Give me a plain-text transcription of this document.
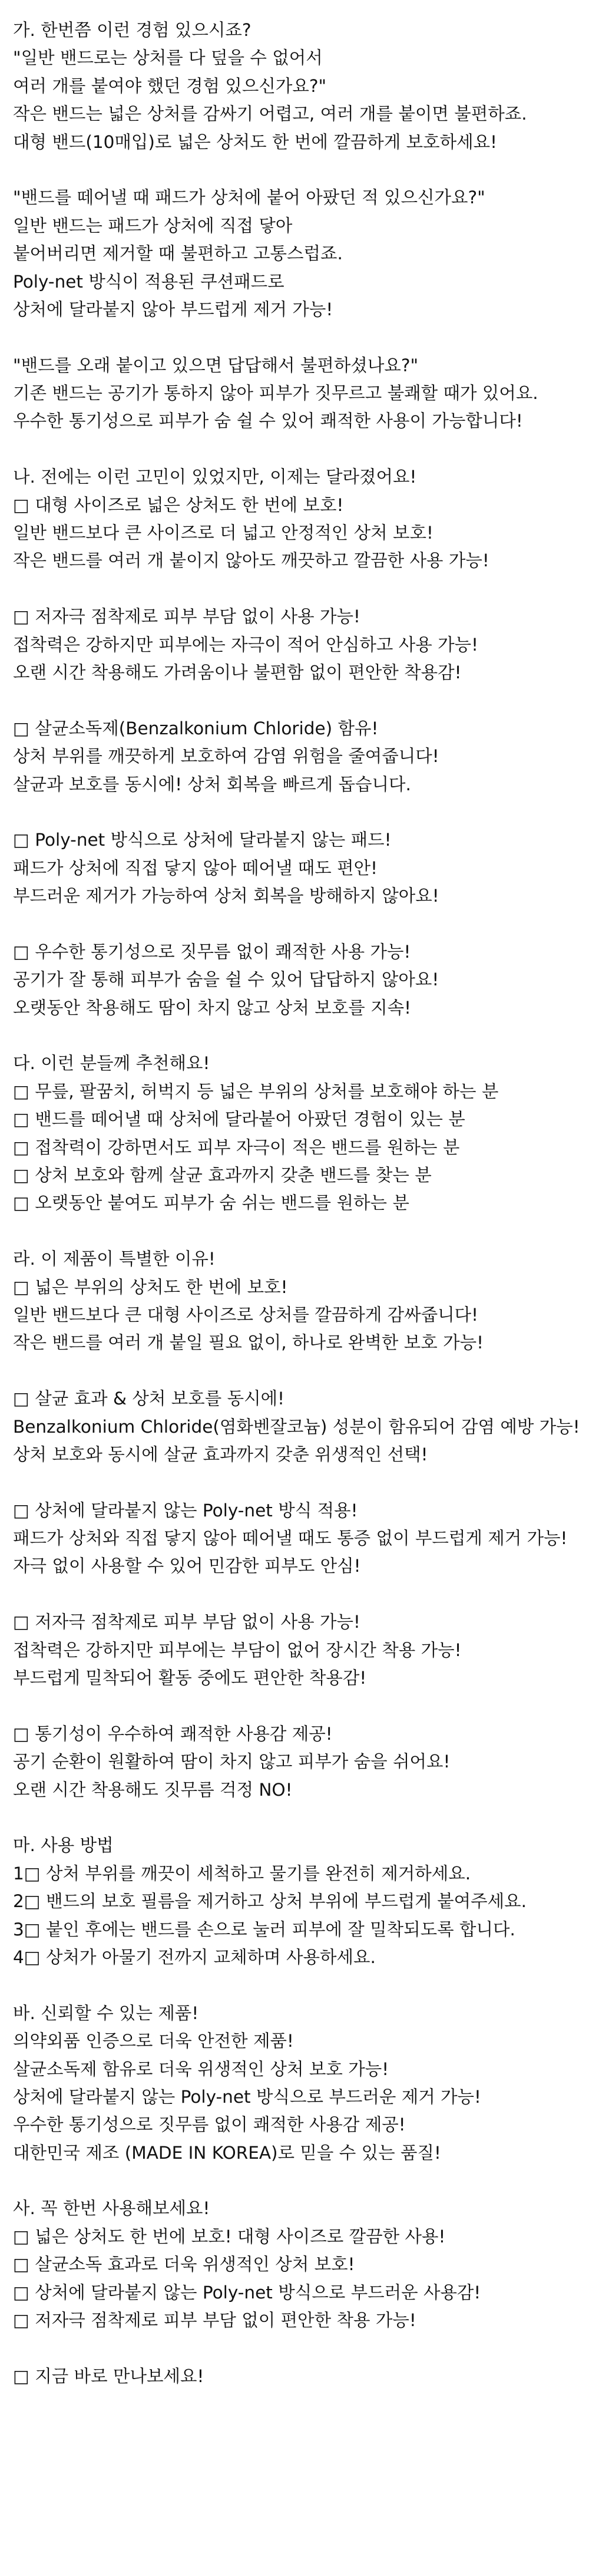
가. 한번쯤 이런 경험 있으시죠?
"일반 밴드로는 상처를 다 덮을 수 없어서
여러 개를 붙여야 했던 경험 있으신가요?"
작은 밴드는 넓은 상처를 감싸기 어렵고, 여러 개를 붙이면 불편하죠.
대형 밴드(10매입)로 넓은 상처도 한 번에 깔끔하게 보호하세요!
"밴드를 떼어낼 때 패드가 상처에 붙어 아팠던 적 있으신가요?"
일반 밴드는 패드가 상처에 직접 닿아
붙어버리면 제거할 때 불편하고 고통스럽죠.
Poly-net 방식이 적용된 쿠션패드로
상처에 달라붙지 않아 부드럽게 제거 가능!
"밴드를 오래 붙이고 있으면 답답해서 불편하셨나요?"
기존 밴드는 공기가 통하지 않아 피부가 짓무르고 불쾌할 때가 있어요.
우수한 통기성으로 피부가 숨 쉴 수 있어 쾌적한 사용이 가능합니다!
나. 전에는 이런 고민이 있었지만, 이제는 달라졌어요!
□ 대형 사이즈로 넓은 상처도 한 번에 보호!
일반 밴드보다 큰 사이즈로 더 넓고 안정적인 상처 보호!
작은 밴드를 여러 개 붙이지 않아도 깨끗하고 깔끔한 사용 가능!
□ 저자극 점착제로 피부 부담 없이 사용 가능!
접착력은 강하지만 피부에는 자극이 적어 안심하고 사용 가능!
오랜 시간 착용해도 가려움이나 불편함 없이 편안한 착용감!
□ 살균소독제(Benzalkonium Chloride) 함유!
상처 부위를 깨끗하게 보호하여 감염 위험을 줄여줍니다!
살균과 보호를 동시에! 상처 회복을 빠르게 돕습니다.
□ Poly-net 방식으로 상처에 달라붙지 않는 패드!
패드가 상처에 직접 닿지 않아 떼어낼 때도 편안!
부드러운 제거가 가능하여 상처 회복을 방해하지 않아요!
□ 우수한 통기성으로 짓무름 없이 쾌적한 사용 가능!
공기가 잘 통해 피부가 숨을 쉴 수 있어 답답하지 않아요!
오랫동안 착용해도 땀이 차지 않고 상처 보호를 지속!
다. 이런 분들께 추천해요!
□ 무릎, 팔꿈치, 허벅지 등 넓은 부위의 상처를 보호해야 하는 분
□ 밴드를 떼어낼 때 상처에 달라붙어 아팠던 경험이 있는 분
□ 접착력이 강하면서도 피부 자극이 적은 밴드를 원하는 분
□ 상처 보호와 함께 살균 효과까지 갖춘 밴드를 찾는 분
□ 오랫동안 붙여도 피부가 숨 쉬는 밴드를 원하는 분
라. 이 제품이 특별한 이유!
□ 넓은 부위의 상처도 한 번에 보호!
일반 밴드보다 큰 대형 사이즈로 상처를 깔끔하게 감싸줍니다!
작은 밴드를 여러 개 붙일 필요 없이, 하나로 완벽한 보호 가능!
□ 살균 효과 & 상처 보호를 동시에!
Benzalkonium Chloride(염화벤잘코늄) 성분이 함유되어 감염 예방 가능!
상처 보호와 동시에 살균 효과까지 갖춘 위생적인 선택!
□ 상처에 달라붙지 않는 Poly-net 방식 적용!
패드가 상처와 직접 닿지 않아 떼어낼 때도 통증 없이 부드럽게 제거 가능!
자극 없이 사용할 수 있어 민감한 피부도 안심!
□ 저자극 점착제로 피부 부담 없이 사용 가능!
접착력은 강하지만 피부에는 부담이 없어 장시간 착용 가능!
부드럽게 밀착되어 활동 중에도 편안한 착용감!
□ 통기성이 우수하여 쾌적한 사용감 제공!
공기 순환이 원활하여 땀이 차지 않고 피부가 숨을 쉬어요!
오랜 시간 착용해도 짓무름 걱정 NO!
마. 사용 방법
1□ 상처 부위를 깨끗이 세척하고 물기를 완전히 제거하세요.
2□ 밴드의 보호 필름을 제거하고 상처 부위에 부드럽게 붙여주세요.
3□ 붙인 후에는 밴드를 손으로 눌러 피부에 잘 밀착되도록 합니다.
4□ 상처가 아물기 전까지 교체하며 사용하세요.
바. 신뢰할 수 있는 제품!
의약외품 인증으로 더욱 안전한 제품!
살균소독제 함유로 더욱 위생적인 상처 보호 가능!
상처에 달라붙지 않는 Poly-net 방식으로 부드러운 제거 가능!
우수한 통기성으로 짓무름 없이 쾌적한 사용감 제공!
대한민국 제조 (MADE IN KOREA)로 믿을 수 있는 품질!
사. 꼭 한번 사용해보세요!
□ 넓은 상처도 한 번에 보호! 대형 사이즈로 깔끔한 사용!
□ 살균소독 효과로 더욱 위생적인 상처 보호!
□ 상처에 달라붙지 않는 Poly-net 방식으로 부드러운 사용감!
□ 저자극 점착제로 피부 부담 없이 편안한 착용 가능!
□ 지금 바로 만나보세요!
